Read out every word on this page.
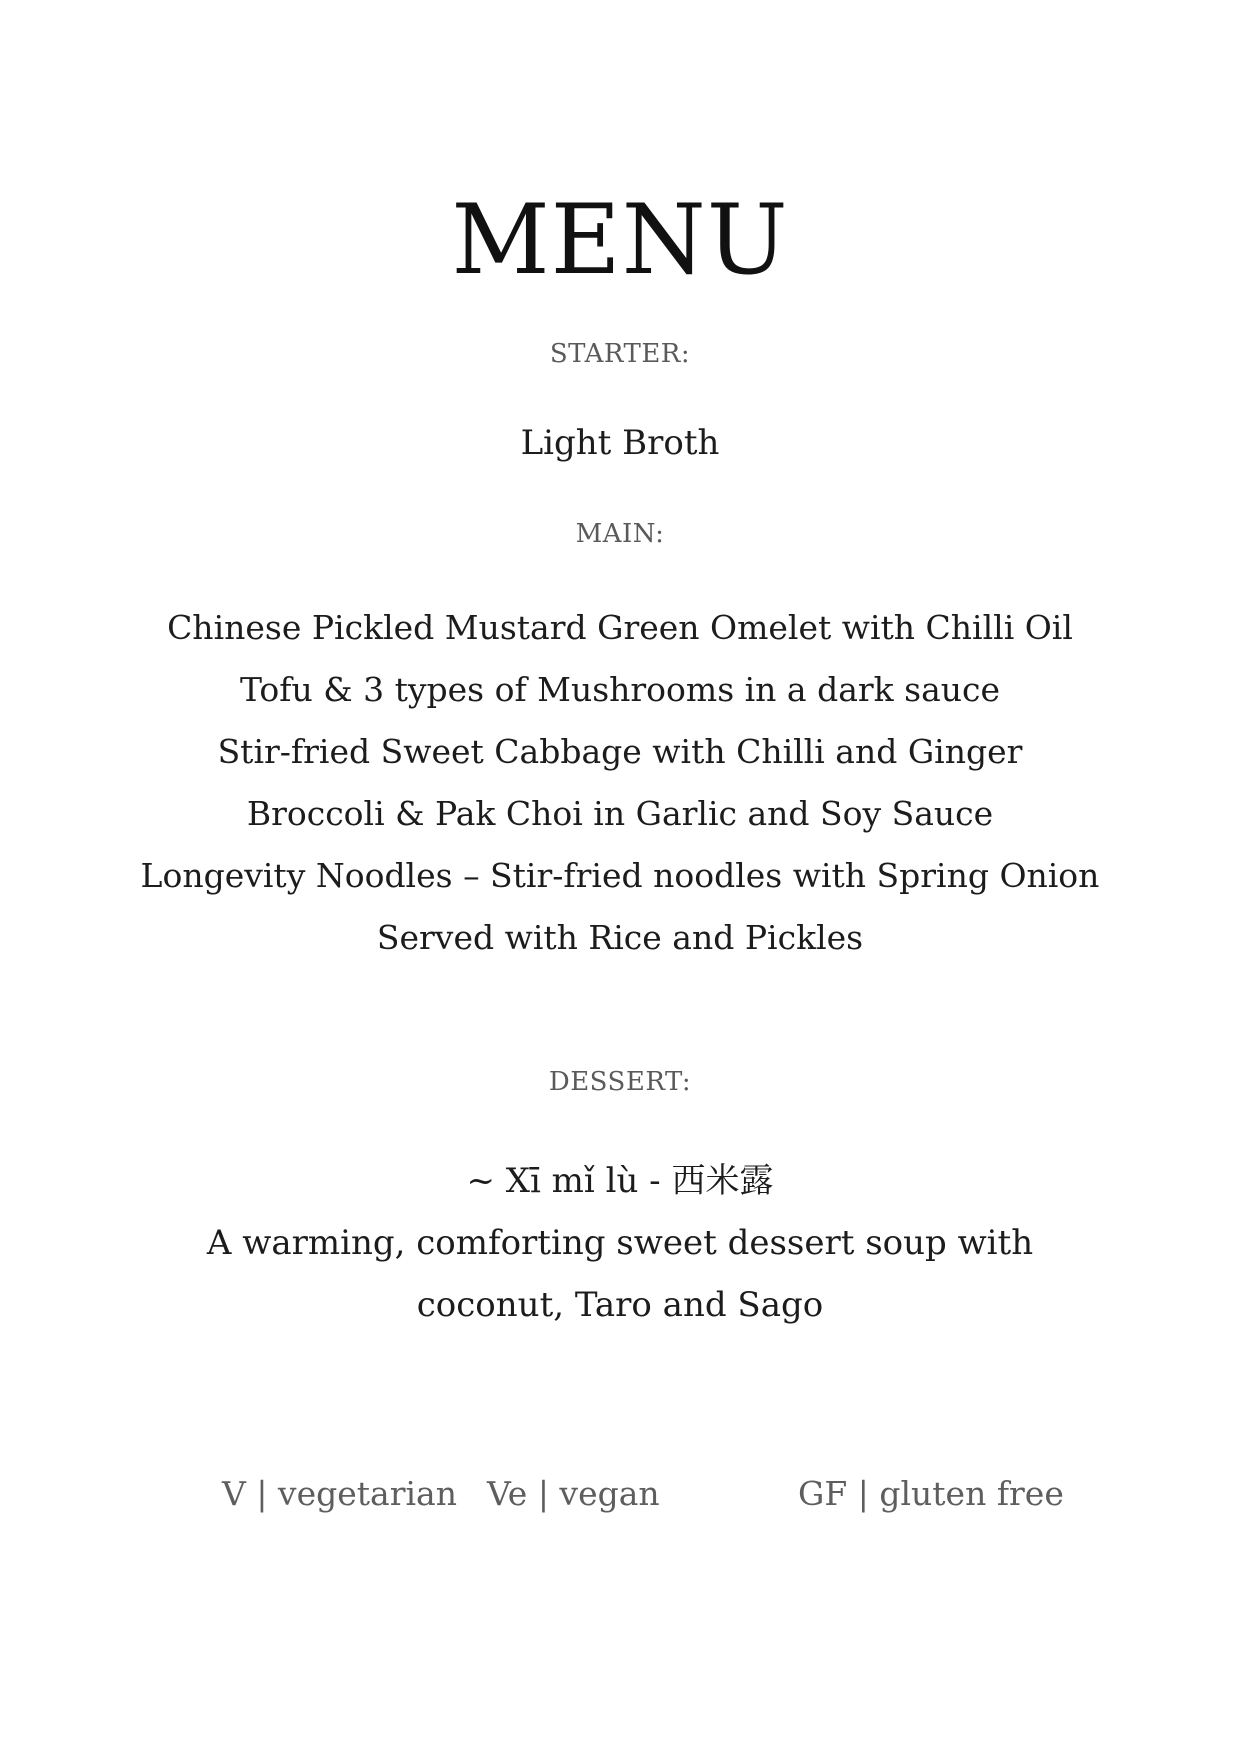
MENU
STARTER:
Light Broth
MAIN:
Chinese Pickled Mustard Green Omelet with Chilli Oil
Tofu & 3 types of Mushrooms in a dark sauce
Stir-fried Sweet Cabbage with Chilli and Ginger
Broccoli & Pak Choi in Garlic and Soy Sauce
Longevity Noodles – Stir-fried noodles with Spring Onion
Served with Rice and Pickles
DESSERT:
~ Xī mǐ lù - 西米露
A warming, comforting sweet dessert soup with
coconut, Taro and Sago
V | vegetarian Ve | vegan	GF | gluten free
